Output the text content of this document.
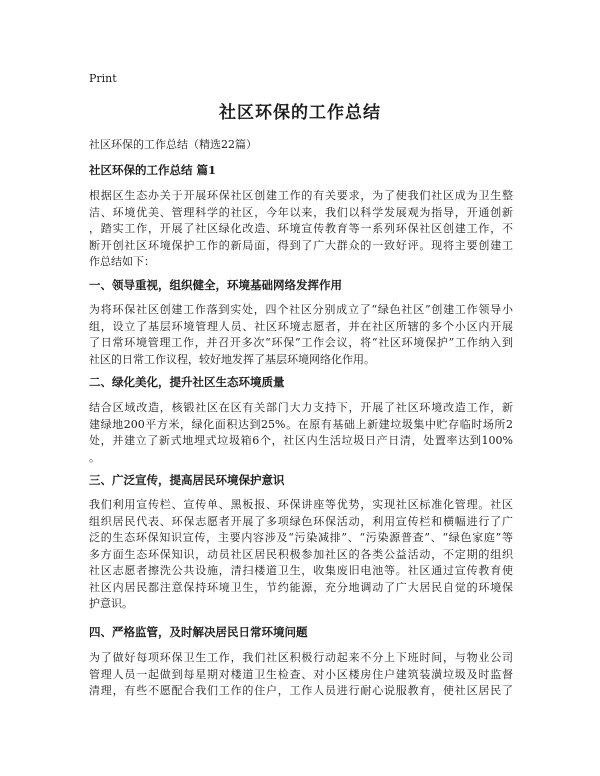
Print
社区环保的工作总结
社区环保的工作总结（精选22篇）
社区环保的工作总结 篇1
根据区生态办关于开展环保社区创建工作的有关要求，为了使我们社区成为卫生整
洁、环境优美、管理科学的社区，今年以来，我们以科学发展观为指导，开通创新
，踏实工作，开展了社区绿化改造、环境宣传教育等一系列环保社区创建工作，不
断开创社区环境保护工作的新局面，得到了广大群众的一致好评。现将主要创建工
作总结如下：
一、领导重视，组织健全，环境基础网络发挥作用
为将环保社区创建工作落到实处，四个社区分别成立了“绿色社区”创建工作领导小
组，设立了基层环境管理人员、社区环境志愿者，并在社区所辖的多个小区内开展
了日常环境管理工作，并召开多次“环保”工作会议，将“社区环境保护”工作纳入到
社区的日常工作议程，较好地发挥了基层环境网络化作用。
二、绿化美化，提升社区生态环境质量
结合区域改造，核锻社区在区有关部门大力支持下，开展了社区环境改造工作，新
建绿地200平方米，绿化面积达到25%。在原有基础上新建垃圾集中贮存临时场所2
处，并建立了新式地埋式垃圾箱6个，社区内生活垃圾日产日清，处置率达到100%
。
三、广泛宣传，提高居民环境保护意识
我们利用宣传栏、宣传单、黑板报、环保讲座等优势，实现社区标准化管理。社区
组织居民代表、环保志愿者开展了多项绿色环保活动，利用宣传栏和横幅进行了广
泛的生态环保知识宣传，主要内容涉及“污染减排”、“污染源普查”、“绿色家庭”等
多方面生态环保知识，动员社区居民积极参加社区的各类公益活动，不定期的组织
社区志愿者擦洗公共设施，清扫楼道卫生，收集废旧电池等。社区通过宣传教育使
社区内居民都注意保持环境卫生，节约能源，充分地调动了广大居民自觉的环境保
护意识。
四、严格监管，及时解决居民日常环境问题
为了做好每项环保卫生工作，我们社区积极行动起来不分上下班时间，与物业公司
管理人员一起做到每星期对楼道卫生检查、对小区楼房住户建筑装潢垃圾及时监督
清理，有些不愿配合我们工作的住户，工作人员进行耐心说服教育，使社区居民了
